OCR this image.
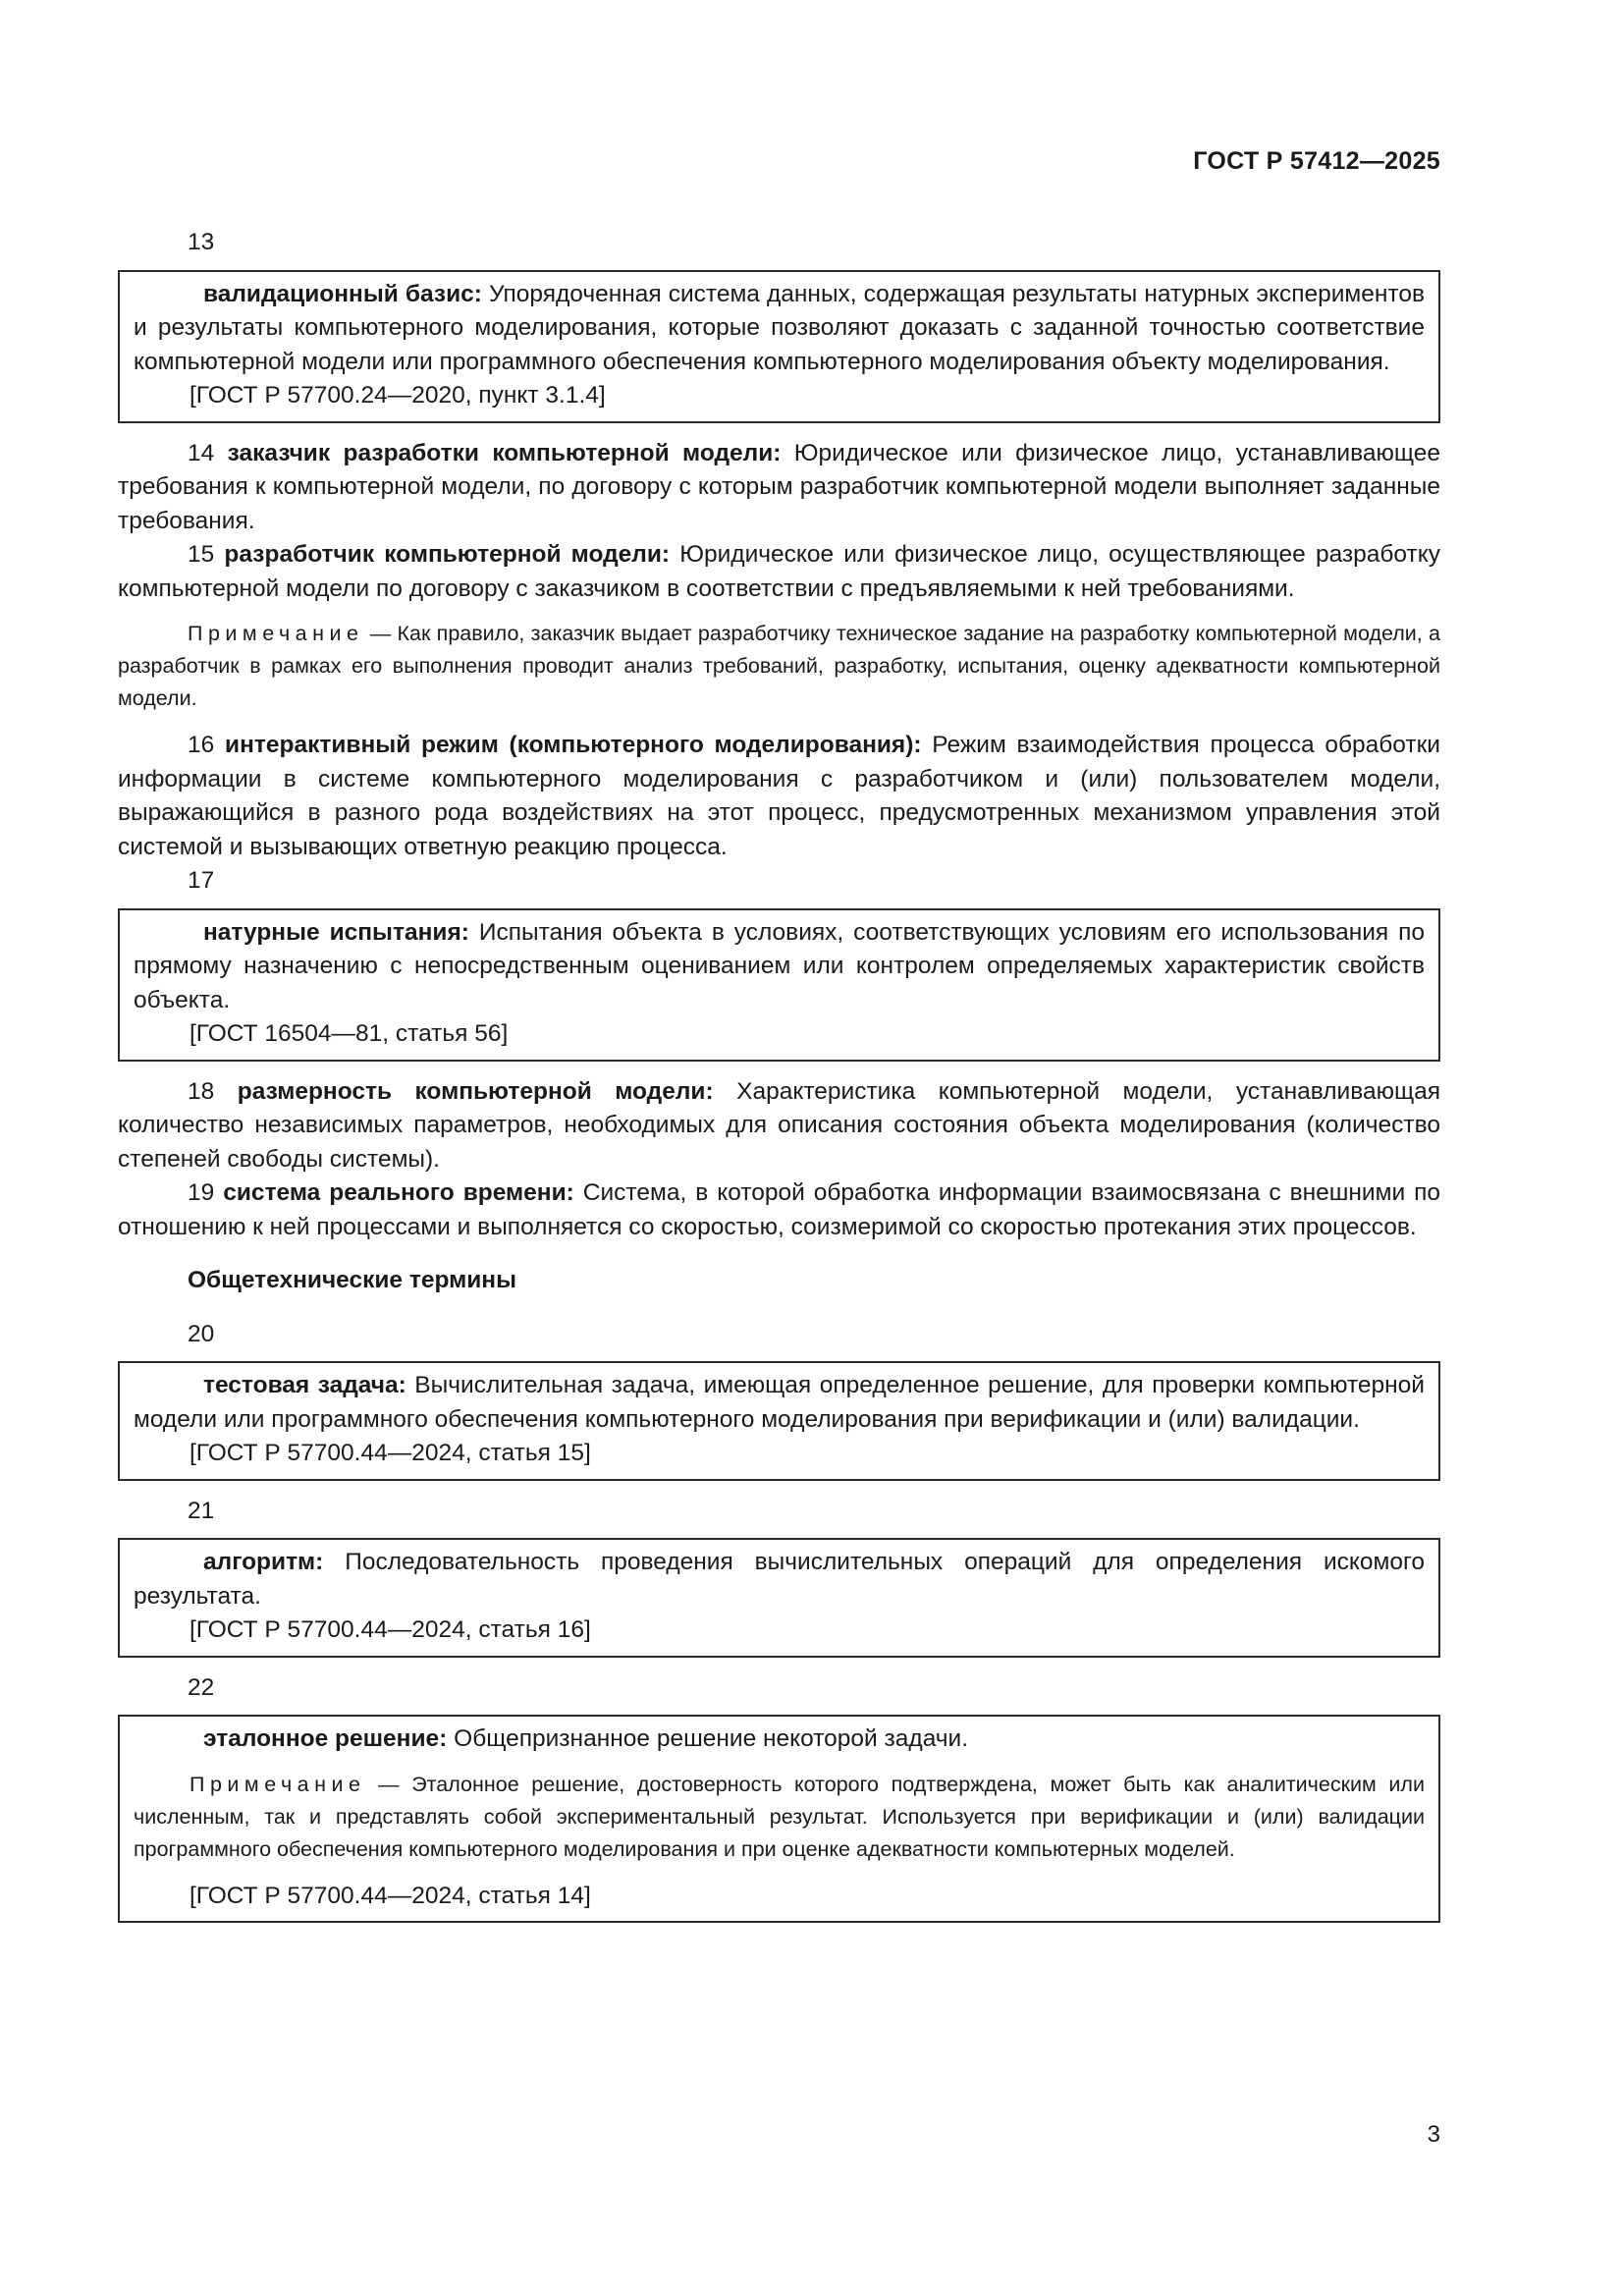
ГОСТ Р 57412—2025
13

валидационный базис: Упорядоченная система данных, содержащая результаты натурных экспериментов и результаты компьютерного моделирования, которые позволяют доказать с заданной точностью соответствие компьютерной модели или программного обеспечения компьютерного моделирования объекту моделирования.

[ГОСТ Р 57700.24—2020, пункт 3.1.4]

14 заказчик разработки компьютерной модели: Юридическое или физическое лицо, устанавливающее требования к компьютерной модели, по договору с которым разработчик компьютерной модели выполняет заданные требования.

15 разработчик компьютерной модели: Юридическое или физическое лицо, осуществляющее разработку компьютерной модели по договору с заказчиком в соответствии с предъявляемыми к ней требованиями.

Примечание — Как правило, заказчик выдает разработчику техническое задание на разработку компьютерной модели, а разработчик в рамках его выполнения проводит анализ требований, разработку, испытания, оценку адекватности компьютерной модели.

16 интерактивный режим (компьютерного моделирования): Режим взаимодействия процесса обработки информации в системе компьютерного моделирования с разработчиком и (или) пользователем модели, выражающийся в разного рода воздействиях на этот процесс, предусмотренных механизмом управления этой системой и вызывающих ответную реакцию процесса.

17

натурные испытания: Испытания объекта в условиях, соответствующих условиям его использования по прямому назначению с непосредственным оцениванием или контролем определяемых характеристик свойств объекта.

[ГОСТ 16504—81, статья 56]

18 размерность компьютерной модели: Характеристика компьютерной модели, устанавливающая количество независимых параметров, необходимых для описания состояния объекта моделирования (количество степеней свободы системы).

19 система реального времени: Система, в которой обработка информации взаимосвязана с внешними по отношению к ней процессами и выполняется со скоростью, соизмеримой со скоростью протекания этих процессов.

Общетехнические термины
20

тестовая задача: Вычислительная задача, имеющая определенное решение, для проверки компьютерной модели или программного обеспечения компьютерного моделирования при верификации и (или) валидации.

[ГОСТ Р 57700.44—2024, статья 15]
21

алгоритм: Последовательность проведения вычислительных операций для определения искомого результата.

[ГОСТ Р 57700.44—2024, статья 16]
22

эталонное решение: Общепризнанное решение некоторой задачи.

Примечание — Эталонное решение, достоверность которого подтверждена, может быть как аналитическим или численным, так и представлять собой экспериментальный результат. Используется при верификации и (или) валидации программного обеспечения компьютерного моделирования и при оценке адекватности компьютерных моделей.

[ГОСТ Р 57700.44—2024, статья 14]
3
